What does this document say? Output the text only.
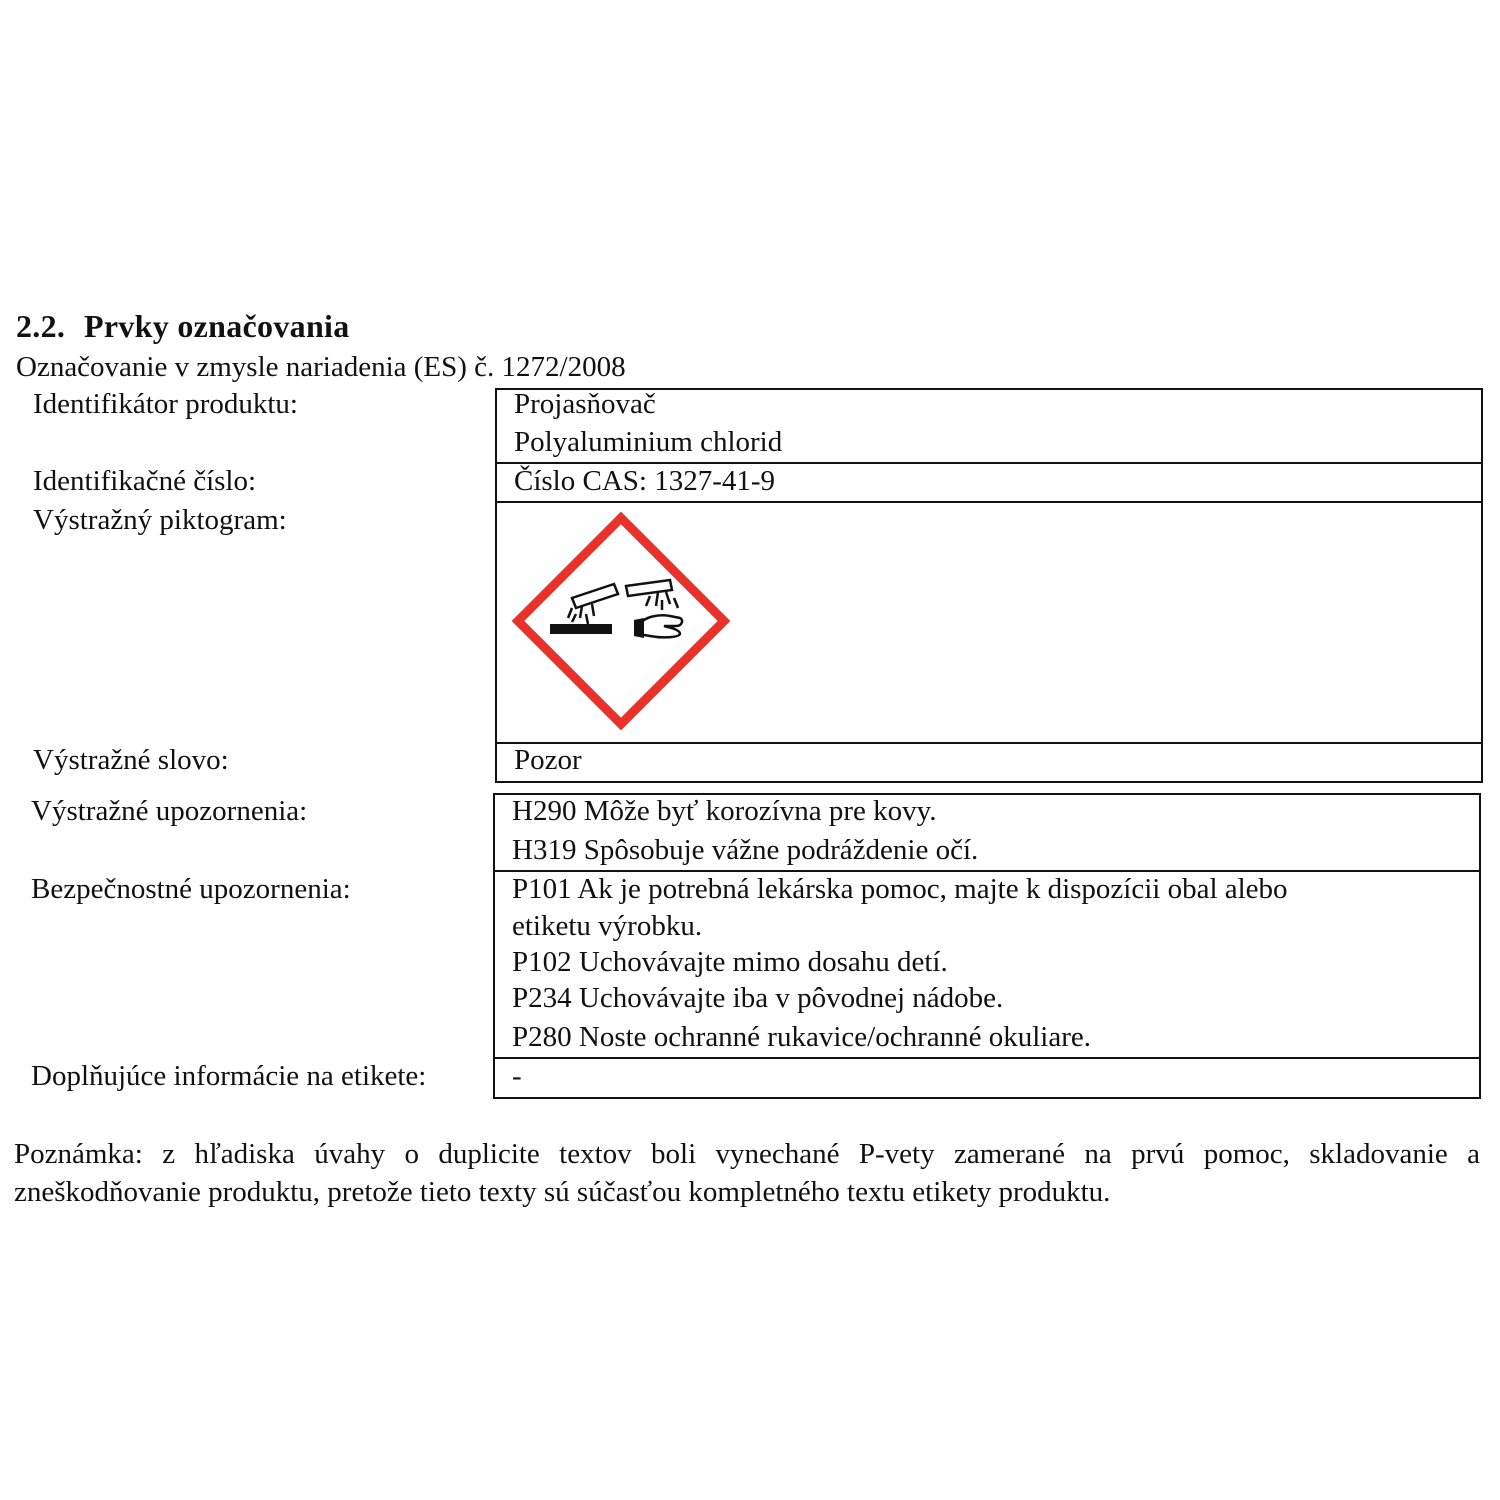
2.2. Prvky označovania
Označovanie v zmysle nariadenia (ES) č. 1272/2008
Identifikátor produktu:
Identifikačné číslo:
Výstražný piktogram:
Výstražné slovo:
Výstražné upozornenia:
Bezpečnostné upozornenia:
Doplňujúce informácie na etikete:
Projasňovač
Polyaluminium chlorid
Číslo CAS: 1327-41-9
Pozor
H290 Môže byť korozívna pre kovy.
H319 Spôsobuje vážne podráždenie očí.
P101 Ak je potrebná lekárska pomoc, majte k dispozícii obal alebo
etiketu výrobku.
P102 Uchovávajte mimo dosahu detí.
P234 Uchovávajte iba v pôvodnej nádobe.
P280 Noste ochranné rukavice/ochranné okuliare.
-
Poznámka: z hľadiska úvahy o duplicite textov boli vynechané P-vety zamerané na prvú pomoc, skladovanie a zneškodňovanie produktu, pretože tieto texty sú súčasťou kompletného textu etikety produktu.
